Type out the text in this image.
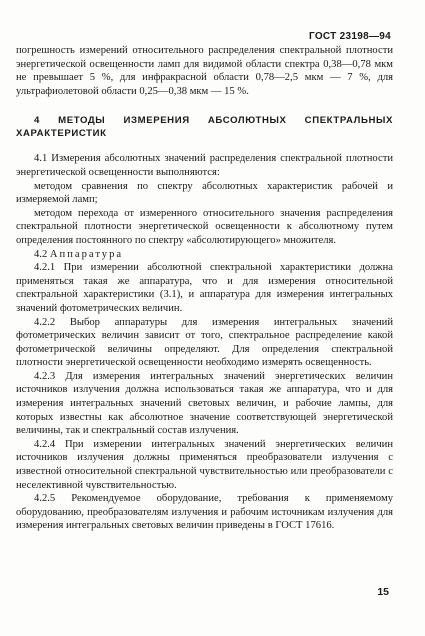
ГОСТ 23198—94

погрешность измерений относительного распределения спектральной плотности энергетической освещенности ламп для видимой области спектра 0,38—0,78 мкм не превышает 5 %, для инфракрасной области 0,78—2,5 мкм — 7 %, для ультрафиолетовой области 0,25—0,38 мкм — 15 %.

4 МЕТОДЫ ИЗМЕРЕНИЯ АБСОЛЮТНЫХ СПЕКТРАЛЬНЫХ ХАРАКТЕРИСТИК

4.1 Измерения абсолютных значений распределения спектральной плотности энергетической освещенности выполняются:

методом сравнения по спектру абсолютных характеристик рабочей и измеряемой ламп;

методом перехода от измеренного относительного значения распределения спектральной плотности энергетической освещенности к абсолютному путем определения постоянного по спектру «абсолютирующего» множителя.

4.2 Аппаратура

4.2.1 При измерении абсолютной спектральной характеристики должна применяться такая же аппаратура, что и для измерения относительной спектральной характеристики (3.1), и аппаратура для измерения интегральных значений фотометрических величин.

4.2.2 Выбор аппаратуры для измерения интегральных значений фотометрических величин зависит от того, спектральное распределение какой фотометрической величины определяют. Для определения спектральной плотности энергетической освещенности необходимо измерять освещенность.

4.2.3 Для измерения интегральных значений энергетических величин источников излучения должна использоваться такая же аппаратура, что и для измерения интегральных значений световых величин, и рабочие лампы, для которых известны как абсолютное значение соответствующей энергетической величины, так и спектральный состав излучения.

4.2.4 При измерении интегральных значений энергетических величин источников излучения должны применяться преобразователи излучения с известной относительной спектральной чувствительностью или преобразователи с неселективной чувствительностью.

4.2.5 Рекомендуемое оборудование, требования к применяемому оборудованию, преобразователям излучения и рабочим источникам излучения для измерения интегральных световых величин приведены в ГОСТ 17616.

15
